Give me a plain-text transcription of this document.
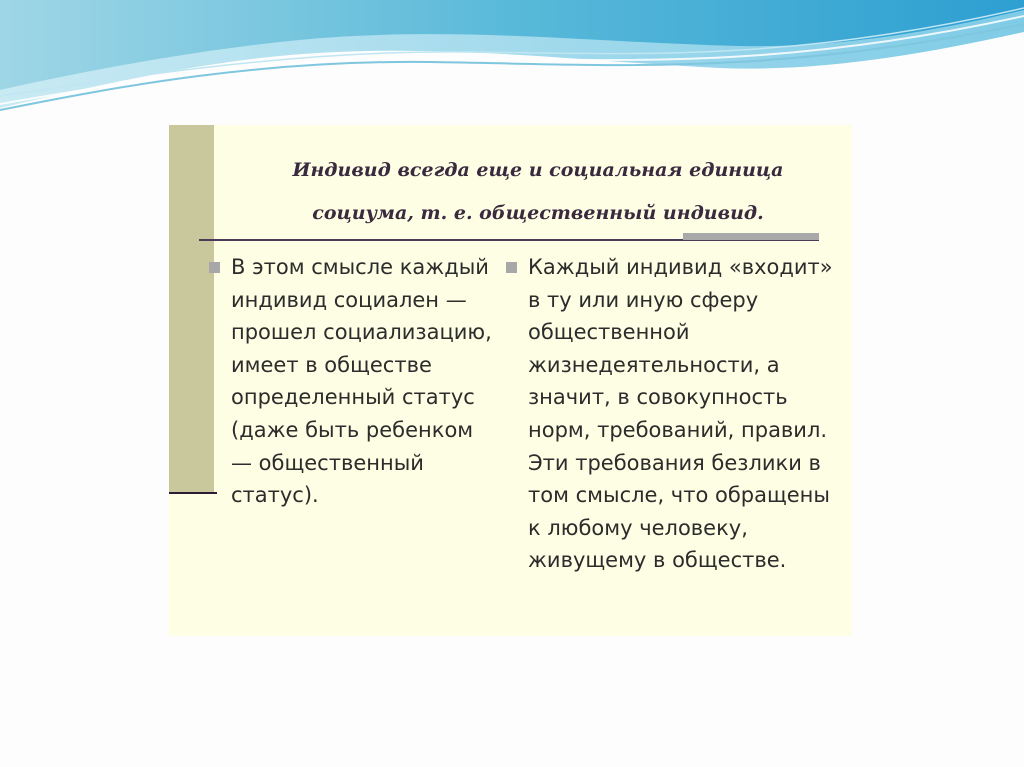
Индивид всегда еще и социальная единица
социума, т. е. общественный индивид.

В этом смысле каждый индивид социален — прошел социализацию, имеет в обществе определенный статус (даже быть ребенком — общественный статус).

Каждый индивид «входит» в ту или иную сферу общественной жизнедеятельности, а значит, в совокупность норм, требований, правил. Эти требования безлики в том смысле, что обращены к любому человеку, живущему в обществе.
